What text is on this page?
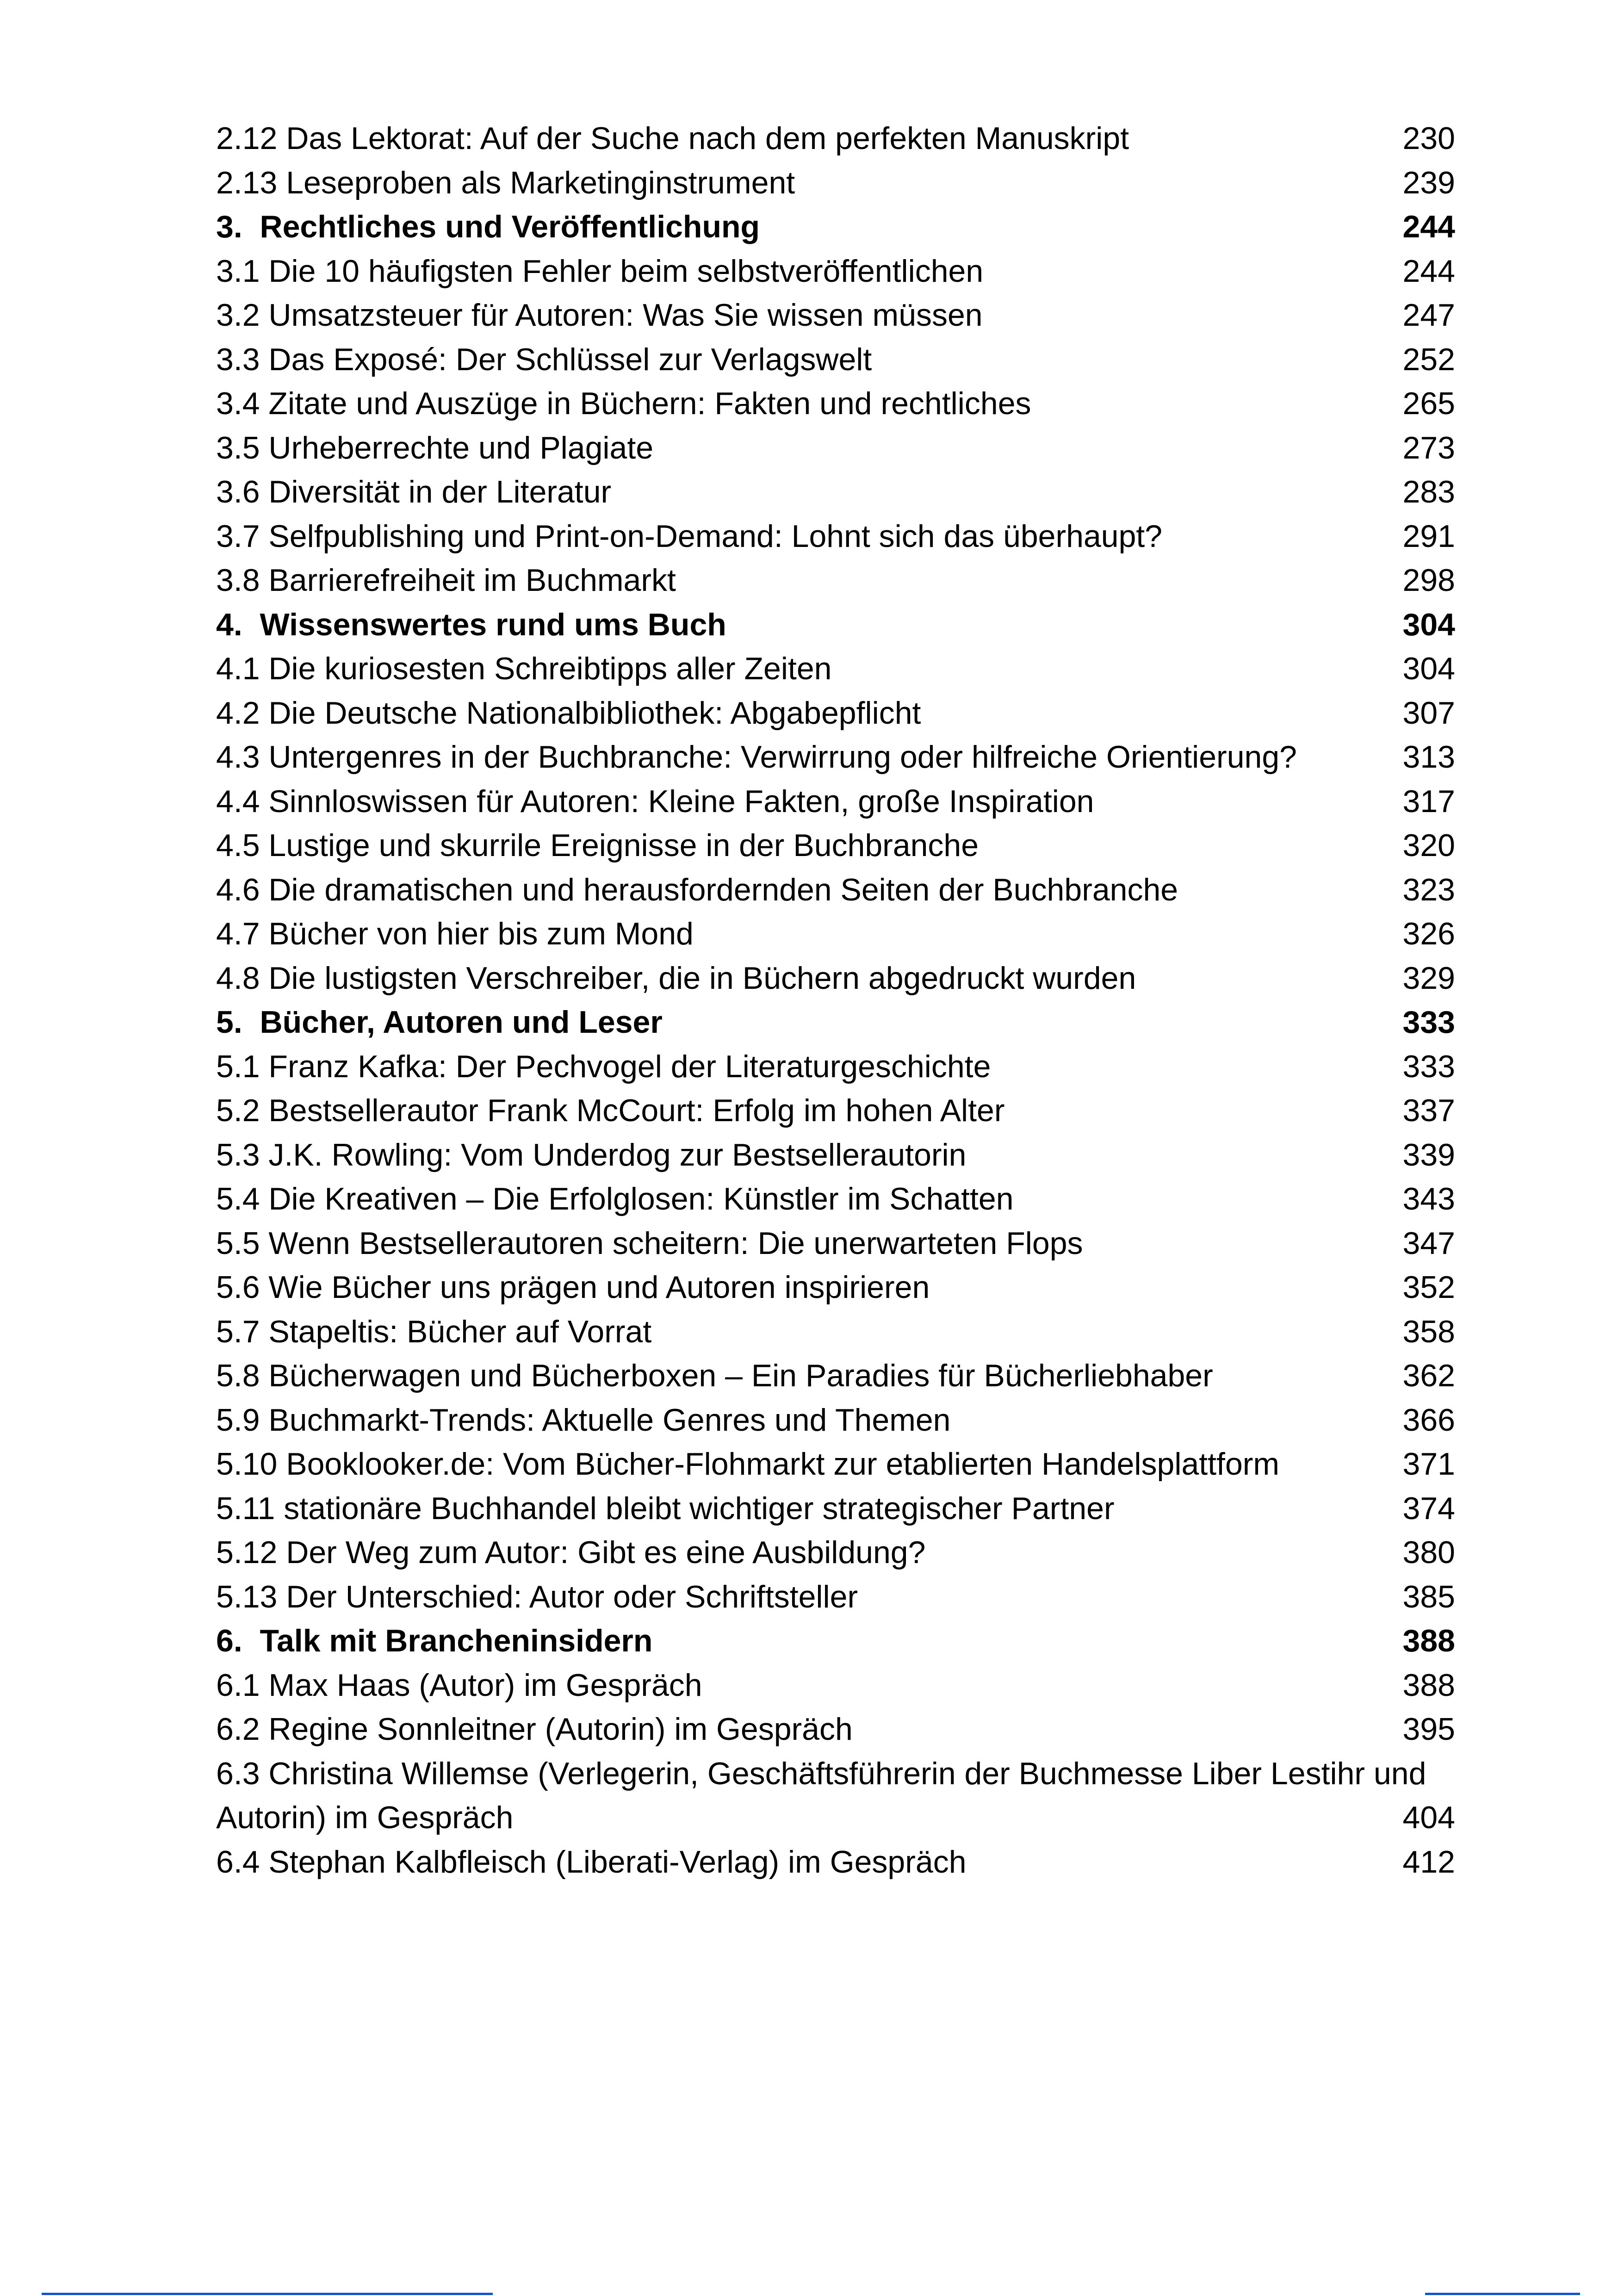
2.12 Das Lektorat: Auf der Suche nach dem perfekten Manuskript	230
2.13 Leseproben als Marketinginstrument	239
3.  Rechtliches und Veröffentlichung	244
3.1 Die 10 häufigsten Fehler beim selbstveröffentlichen	244
3.2 Umsatzsteuer für Autoren: Was Sie wissen müssen	247
3.3 Das Exposé: Der Schlüssel zur Verlagswelt	252
3.4 Zitate und Auszüge in Büchern: Fakten und rechtliches	265
3.5 Urheberrechte und Plagiate	273
3.6 Diversität in der Literatur	283
3.7 Selfpublishing und Print-on-Demand: Lohnt sich das überhaupt?	291
3.8 Barrierefreiheit im Buchmarkt	298
4.  Wissenswertes rund ums Buch	304
4.1 Die kuriosesten Schreibtipps aller Zeiten	304
4.2 Die Deutsche Nationalbibliothek: Abgabepflicht	307
4.3 Untergenres in der Buchbranche: Verwirrung oder hilfreiche Orientierung?	313
4.4 Sinnloswissen für Autoren: Kleine Fakten, große Inspiration	317
4.5 Lustige und skurrile Ereignisse in der Buchbranche	320
4.6 Die dramatischen und herausfordernden Seiten der Buchbranche	323
4.7 Bücher von hier bis zum Mond	326
4.8 Die lustigsten Verschreiber, die in Büchern abgedruckt wurden	329
5.  Bücher, Autoren und Leser	333
5.1 Franz Kafka: Der Pechvogel der Literaturgeschichte	333
5.2 Bestsellerautor Frank McCourt: Erfolg im hohen Alter	337
5.3 J.K. Rowling: Vom Underdog zur Bestsellerautorin	339
5.4 Die Kreativen – Die Erfolglosen: Künstler im Schatten	343
5.5 Wenn Bestsellerautoren scheitern: Die unerwarteten Flops	347
5.6 Wie Bücher uns prägen und Autoren inspirieren	352
5.7 Stapeltis: Bücher auf Vorrat	358
5.8 Bücherwagen und Bücherboxen – Ein Paradies für Bücherliebhaber	362
5.9 Buchmarkt-Trends: Aktuelle Genres und Themen	366
5.10 Booklooker.de: Vom Bücher-Flohmarkt zur etablierten Handelsplattform	371
5.11 stationäre Buchhandel bleibt wichtiger strategischer Partner	374
5.12 Der Weg zum Autor: Gibt es eine Ausbildung?	380
5.13 Der Unterschied: Autor oder Schriftsteller	385
6.  Talk mit Brancheninsidern	388
6.1 Max Haas (Autor) im Gespräch	388
6.2 Regine Sonnleitner (Autorin) im Gespräch	395
6.3 Christina Willemse (Verlegerin, Geschäftsführerin der Buchmesse Liber Lestihr und
Autorin) im Gespräch	404
6.4 Stephan Kalbfleisch (Liberati-Verlag) im Gespräch	412
